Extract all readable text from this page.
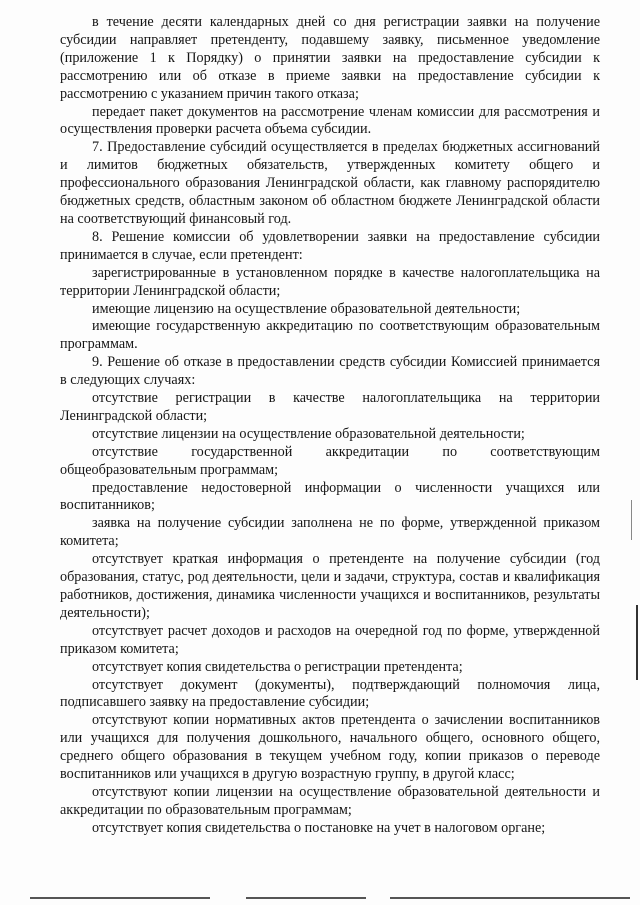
в течение десяти календарных дней со дня регистрации заявки на получение субсидии направляет претенденту, подавшему заявку, письменное уведомление (приложение 1 к Порядку) о принятии заявки на предоставление субсидии к рассмотрению или об отказе в приеме заявки на предоставление субсидии к рассмотрению с указанием причин такого отказа;

передает пакет документов на рассмотрение членам комиссии для рассмотрения и осуществления проверки расчета объема субсидии.

7. Предоставление субсидий осуществляется в пределах бюджетных ассигнований и лимитов бюджетных обязательств, утвержденных комитету общего и профессионального образования Ленинградской области, как главному распорядителю бюджетных средств, областным законом об областном бюджете Ленинградской области на соответствующий финансовый год.

8. Решение комиссии об удовлетворении заявки на предоставление субсидии принимается в случае, если претендент:

зарегистрированные в установленном порядке в качестве налогоплательщика на территории Ленинградской области;

имеющие лицензию на осуществление образовательной деятельности;

имеющие государственную аккредитацию по соответствующим образовательным программам.

9. Решение об отказе в предоставлении средств субсидии Комиссией принимается в следующих случаях:

отсутствие регистрации в качестве налогоплательщика на территории Ленинградской области;

отсутствие лицензии на осуществление образовательной деятельности;

отсутствие государственной аккредитации по соответствующим общеобразовательным программам;

предоставление недостоверной информации о численности учащихся или воспитанников;

заявка на получение субсидии заполнена не по форме, утвержденной приказом комитета;

отсутствует краткая информация о претенденте на получение субсидии (год образования, статус, род деятельности, цели и задачи, структура, состав и квалификация работников, достижения, динамика численности учащихся и воспитанников, результаты деятельности);

отсутствует расчет доходов и расходов на очередной год по форме, утвержденной приказом комитета;

отсутствует копия свидетельства о регистрации претендента;

отсутствует документ (документы), подтверждающий полномочия лица, подписавшего заявку на предоставление субсидии;

отсутствуют копии нормативных актов претендента о зачислении воспитанников или учащихся для получения дошкольного, начального общего, основного общего, среднего общего образования в текущем учебном году, копии приказов о переводе воспитанников или учащихся в другую возрастную группу, в другой класс;

отсутствуют копии лицензии на осуществление образовательной деятельности и аккредитации по образовательным программам;

отсутствует копия свидетельства о постановке на учет в налоговом органе;
